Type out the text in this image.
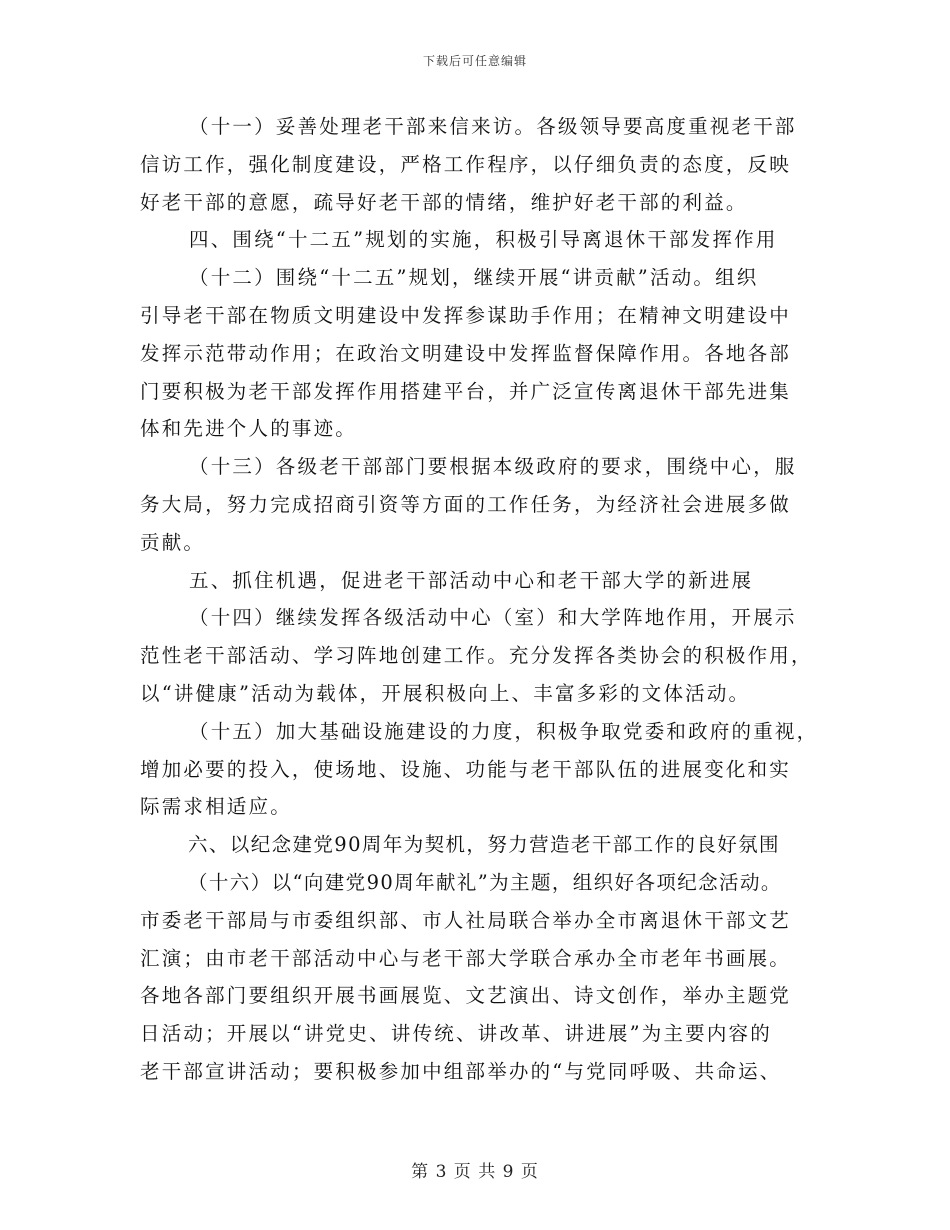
下载后可任意编辑
（十一）妥善处理老干部来信来访。各级领导要高度重视老干部
信访工作，强化制度建设，严格工作程序，以仔细负责的态度，反映
好老干部的意愿，疏导好老干部的情绪，维护好老干部的利益。
四、围绕“十二五”规划的实施，积极引导离退休干部发挥作用
（十二）围绕“十二五”规划，继续开展“讲贡献”活动。组织
引导老干部在物质文明建设中发挥参谋助手作用；在精神文明建设中
发挥示范带动作用；在政治文明建设中发挥监督保障作用。各地各部
门要积极为老干部发挥作用搭建平台，并广泛宣传离退休干部先进集
体和先进个人的事迹。
（十三）各级老干部部门要根据本级政府的要求，围绕中心，服
务大局，努力完成招商引资等方面的工作任务，为经济社会进展多做
贡献。
五、抓住机遇，促进老干部活动中心和老干部大学的新进展
（十四）继续发挥各级活动中心（室）和大学阵地作用，开展示
范性老干部活动、学习阵地创建工作。充分发挥各类协会的积极作用，
以“讲健康”活动为载体，开展积极向上、丰富多彩的文体活动。
（十五）加大基础设施建设的力度，积极争取党委和政府的重视，
增加必要的投入，使场地、设施、功能与老干部队伍的进展变化和实
际需求相适应。
六、以纪念建党90周年为契机，努力营造老干部工作的良好氛围
（十六）以“向建党90周年献礼”为主题，组织好各项纪念活动。
市委老干部局与市委组织部、市人社局联合举办全市离退休干部文艺
汇演；由市老干部活动中心与老干部大学联合承办全市老年书画展。
各地各部门要组织开展书画展览、文艺演出、诗文创作，举办主题党
日活动；开展以“讲党史、讲传统、讲改革、讲进展”为主要内容的
老干部宣讲活动；要积极参加中组部举办的“与党同呼吸、共命运、
第 3 页 共 9 页
